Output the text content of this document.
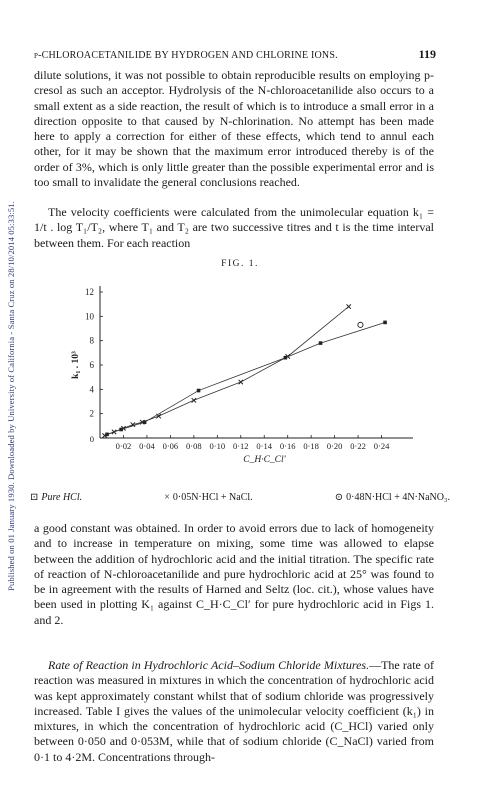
Published on 01 January 1930. Downloaded by University of California - Santa Cruz on 28/10/2014 05:33:51.
p-CHLOROACETANILIDE BY HYDROGEN AND CHLORINE IONS.	119

dilute solutions, it was not possible to obtain reproducible results on employing p-cresol as such an acceptor. Hydrolysis of the N-chloroacetanilide also occurs to a small extent as a side reaction, the result of which is to introduce a small error in a direction opposite to that caused by N-chlorination. No attempt has been made here to apply a correction for either of these effects, which tend to annul each other, for it may be shown that the maximum error introduced thereby is of the order of 3%, which is only little greater than the possible experimental error and is too small to invalidate the general conclusions reached.

The velocity coefficients were calculated from the unimolecular equation k₁ = 1/t . log T₁/T₂, where T₁ and T₂ are two successive titres and t is the time interval between them. For each reaction

FIG. 1.
0·02 0·04 0·06 0·08 0·10 0·12 0·14 0·16 0·18 0·20 0·22 0·24
0
2
4
6
8
10
12
C_H·C_Cl′
k₁ . 10³
⊡ Pure HCl.	× 0·05N·HCl + NaCl.	⊙ 0·48N·HCl + 4N·NaNO₃.

a good constant was obtained. In order to avoid errors due to lack of homogeneity and to increase in temperature on mixing, some time was allowed to elapse between the addition of hydrochloric acid and the initial titration. The specific rate of reaction of N-chloroacetanilide and pure hydrochloric acid at 25° was found to be in agreement with the results of Harned and Seltz (loc. cit.), whose values have been used in plotting K₁ against C_H·C_Cl′ for pure hydrochloric acid in Figs 1. and 2.

Rate of Reaction in Hydrochloric Acid–Sodium Chloride Mixtures.—The rate of reaction was measured in mixtures in which the concentration of hydrochloric acid was kept approximately constant whilst that of sodium chloride was progressively increased. Table I gives the values of the unimolecular velocity coefficient (k₁) in mixtures, in which the concentration of hydrochloric acid (C_HCl) varied only between 0·050 and 0·053M, while that of sodium chloride (C_NaCl) varied from 0·1 to 4·2M. Concentrations through-
